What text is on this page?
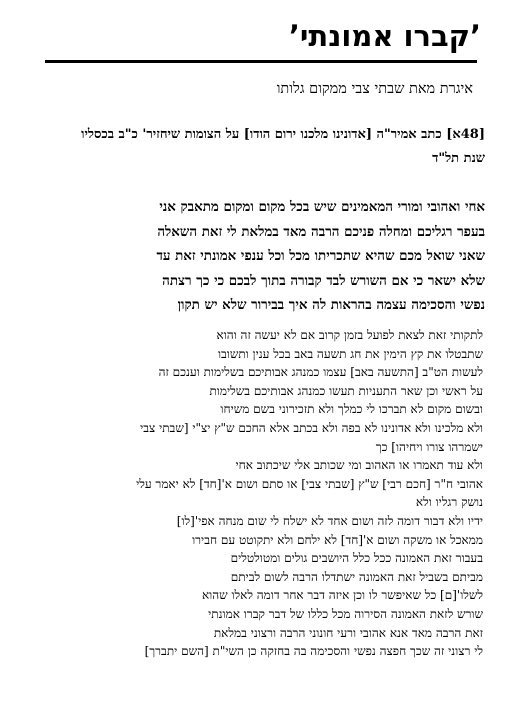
’קברו אמונתי’
איגרת מאת שבתי צבי ממקום גלותו
[48א] כתב אמיר"ה [אדונינו מלכנו ירום הודו] על הצומות שיחזיר' כ"ב בכסליו
שנת תל"ד
אחי ואהובי ומורי המאמינים שיש בכל מקום ומקום מתאבק אני
בעפר רגליכם ומחלה פניכם הרבה מאד במלאת לי זאת השאלה
שאני שואל מכם שהיא שתכריתו מכל וכל ענפי אמונתי זאת עד
שלא ישאר כי אם השורש לבד קבורה בתוך לבכם כי כך רצתה
נפשי והסכימה עצמה בהראות לה איך בבירור שלא יש תקון
לתקותי זאת לצאת לפועל בזמן קרוב אם לא יעשה זה והוא
שתבטלו את קץ הימין את חג תשעה באב בכל ענין ותשובו
לעשות הט"ב [התשעה באב] עצמו כמנהג אבותיכם בשלימות וענכם זה
על ראשי וכן שאר התעניות תעשו כמנהג אבותיכם בשלימות
ובשום מקום לא תברכו לי כמלך ולא תזכירוני בשם משיחו
ולא מלכינו ולא אדונינו לא בפה ולא בכתב אלא החכם ש"ץ יצ"י [שבתי צבי
ישמרהו צורו ויחיהו] כך
ולא עוד תאמרו או האהוב ומי שכותב אלי שיכתוב אחי
אהובי ח"ר [חכם רבי] ש"ץ [שבתי צבי] או סתם ושום א'[חד] לא יאמר עלי
נושק רגליו ולא
ידיו ולא דבור דומה לזה ושום אחד לא ישלח לי שום מנחה אפי'[לו]
ממאכל או משקה ושום א'[חד] לא ילחם ולא יתקוטט עם חבירו
בעבור זאת האמונה ככל כלל היושבים גולים ומטולטלים
מביתם בשביל זאת האמונה ישתדלו הרבה לשום לביתם
לשלו'[ם] כל שאיפשר לו וכן איזה דבר אחר דומה לאלו שהוא
שורש לזאת האמונה הסירוה מכל כללו של דבר קברו אמונתי
זאת הרבה מאד אנא אהובי ורעי חונוני הרבה ורצוני במלאת
לי רצוני זה שכך חפצה נפשי והסכימה בה בחזקה כן השי"ת [השם יתברך]
